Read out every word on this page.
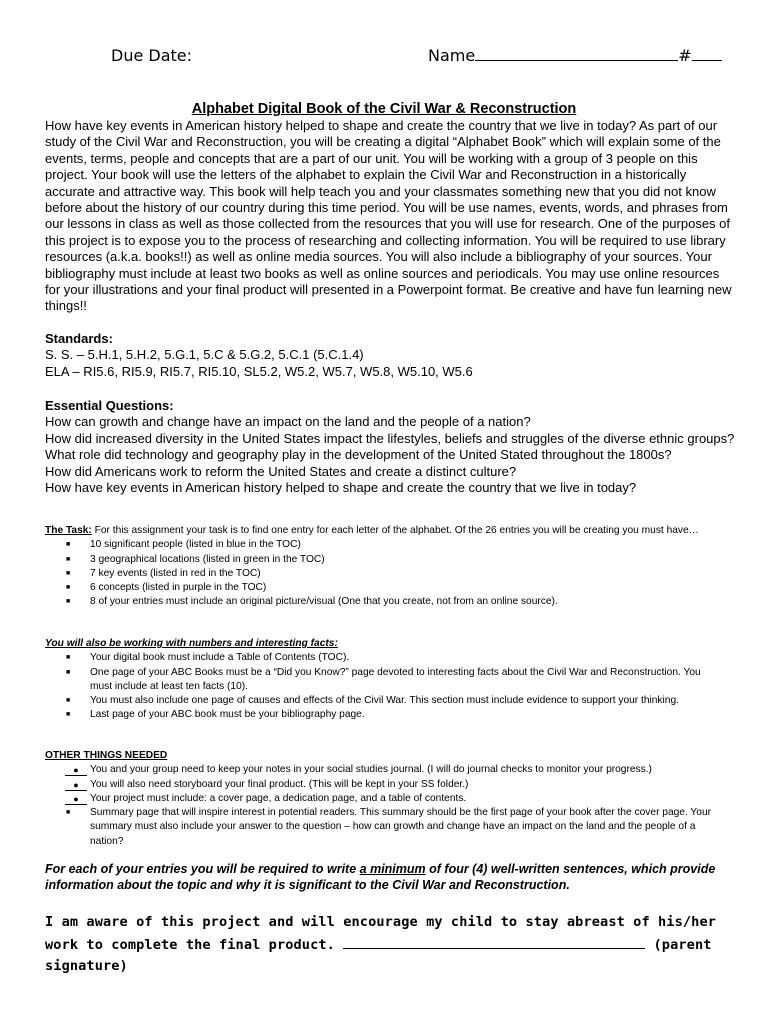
Due Date:	Name	#
Alphabet Digital Book of the Civil War & Reconstruction
How have key events in American history helped to shape and create the country that we live in today? As part of our study of the Civil War and Reconstruction, you will be creating a digital “Alphabet Book” which will explain some of the events, terms, people and concepts that are a part of our unit. You will be working with a group of 3 people on this project. Your book will use the letters of the alphabet to explain the Civil War and Reconstruction in a historically accurate and attractive way. This book will help teach you and your classmates something new that you did not know before about the history of our country during this time period. You will be use names, events, words, and phrases from our lessons in class as well as those collected from the resources that you will use for research. One of the purposes of this project is to expose you to the process of researching and collecting information. You will be required to use library resources (a.k.a. books!!) as well as online media sources. You will also include a bibliography of your sources. Your bibliography must include at least two books as well as online sources and periodicals. You may use online resources for your illustrations and your final product will presented in a Powerpoint format. Be creative and have fun learning new things!!
Standards:

S. S. – 5.H.1, 5.H.2, 5.G.1, 5.C & 5.G.2, 5.C.1 (5.C.1.4)

ELA – RI5.6, RI5.9, RI5.7, RI5.10, SL5.2, W5.2, W5.7, W5.8, W5.10, W5.6

Essential Questions:

How can growth and change have an impact on the land and the people of a nation?

How did increased diversity in the United States impact the lifestyles, beliefs and struggles of the diverse ethnic groups?

What role did technology and geography play in the development of the United Stated throughout the 1800s?

How did Americans work to reform the United States and create a distinct culture?

How have key events in American history helped to shape and create the country that we live in today?

The Task: For this assignment your task is to find one entry for each letter of the alphabet. Of the 26 entries you will be creating you must have…

■ 10 significant people (listed in blue in the TOC)
■ 3 geographical locations (listed in green in the TOC)
■ 7 key events (listed in red in the TOC)
■ 6 concepts (listed in purple in the TOC)
■ 8 of your entries must include an original picture/visual (One that you create, not from an online source).

You will also be working with numbers and interesting facts:

■ Your digital book must include a Table of Contents (TOC).
■ One page of your ABC Books must be a “Did you Know?” page devoted to interesting facts about the Civil War and Reconstruction. You must include at least ten facts (10).
■ You must also include one page of causes and effects of the Civil War. This section must include evidence to support your thinking.
■ Last page of your ABC book must be your bibliography page.

OTHER THINGS NEEDED

●	You and your group need to keep your notes in your social studies journal. (I will do journal checks to monitor your progress.)
●	You will also need storyboard your final product. (This will be kept in your SS folder.)
●	Your project must include: a cover page, a dedication page, and a table of contents.
■ Summary page that will inspire interest in potential readers. This summary should be the first page of your book after the cover page. Your summary must also include your answer to the question – how can growth and change have an impact on the land and the people of a nation?
For each of your entries you will be required to write a minimum of four (4) well-written sentences, which provide information about the topic and why it is significant to the Civil War and Reconstruction.
I am aware of this project and will encourage my child to stay abreast of his/her work to complete the final product.	(parent signature)
